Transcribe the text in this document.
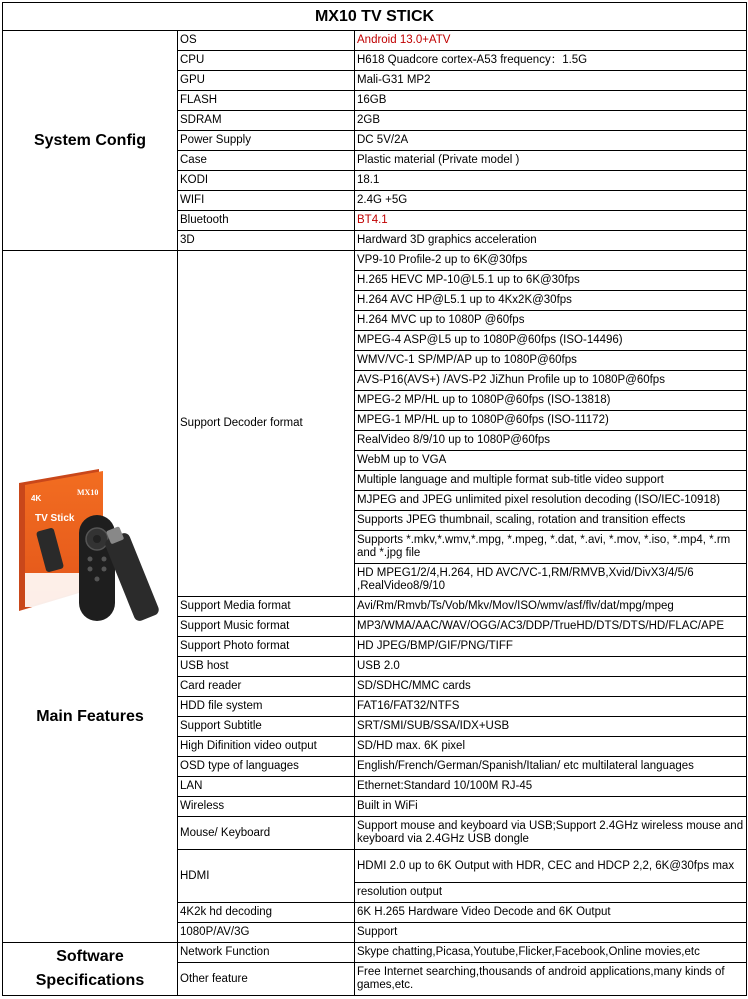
MX10 TV STICK		
System Config	OS	Android 13.0+ATV
	CPU	H618 Quadcore cortex-A53 frequency：1.5G
	GPU	Mali-G31 MP2
	FLASH	16GB
	SDRAM	2GB
	Power Supply	DC 5V/2A
	Case	Plastic material (Private model )
	KODI	18.1
	WIFI	2.4G +5G
	Bluetooth	BT4.1
	3D	Hardward 3D graphics acceleration

4K
MX10
TV Stick
Main Features	Support Decoder format	VP9-10 Profile-2 up to 6K@30fps
		H.265 HEVC MP-10@L5.1 up to 6K@30fps
		H.264 AVC HP@L5.1 up to 4Kx2K@30fps
		H.264 MVC up to 1080P @60fps
		MPEG-4 ASP@L5 up to 1080P@60fps (ISO-14496)
		WMV/VC-1 SP/MP/AP up to 1080P@60fps
		AVS-P16(AVS+) /AVS-P2 JiZhun Profile up to 1080P@60fps
		MPEG-2 MP/HL up to 1080P@60fps (ISO-13818)
		MPEG-1 MP/HL up to 1080P@60fps (ISO-11172)
		RealVideo 8/9/10 up to 1080P@60fps
		WebM up to VGA
		Multiple language and multiple format sub-title video support
		MJPEG and JPEG unlimited pixel resolution decoding (ISO/IEC-10918)
		Supports JPEG thumbnail, scaling, rotation and transition effects
		Supports *.mkv,*.wmv,*.mpg, *.mpeg, *.dat, *.avi, *.mov, *.iso, *.mp4, *.rm and *.jpg file
		HD MPEG1/2/4,H.264, HD AVC/VC-1,RM/RMVB,Xvid/DivX3/4/5/6 ,RealVideo8/9/10
	Support Media format	Avi/Rm/Rmvb/Ts/Vob/Mkv/Mov/ISO/wmv/asf/flv/dat/mpg/mpeg
	Support Music format	MP3/WMA/AAC/WAV/OGG/AC3/DDP/TrueHD/DTS/DTS/HD/FLAC/APE
	Support Photo format	HD JPEG/BMP/GIF/PNG/TIFF
	USB host	USB 2.0
	Card reader	SD/SDHC/MMC cards
	HDD file system	FAT16/FAT32/NTFS
	Support Subtitle	SRT/SMI/SUB/SSA/IDX+USB
	High Difinition video output	SD/HD max. 6K pixel
	OSD type of languages	English/French/German/Spanish/Italian/ etc multilateral languages
	LAN	Ethernet:Standard 10/100M RJ-45
	Wireless	Built in WiFi
	Mouse/ Keyboard	Support mouse and keyboard via USB;Support 2.4GHz wireless mouse and keyboard via 2.4GHz USB dongle
	HDMI	HDMI 2.0 up to 6K Output with HDR, CEC and HDCP 2,2, 6K@30fps max
		resolution output
	4K2k hd decoding	6K H.265 Hardware Video Decode and 6K Output
	1080P/AV/3G	Support
Software Specifications	Network Function	Skype chatting,Picasa,Youtube,Flicker,Facebook,Online movies,etc
	Other feature	Free Internet searching,thousands of android applications,many kinds of games,etc.
